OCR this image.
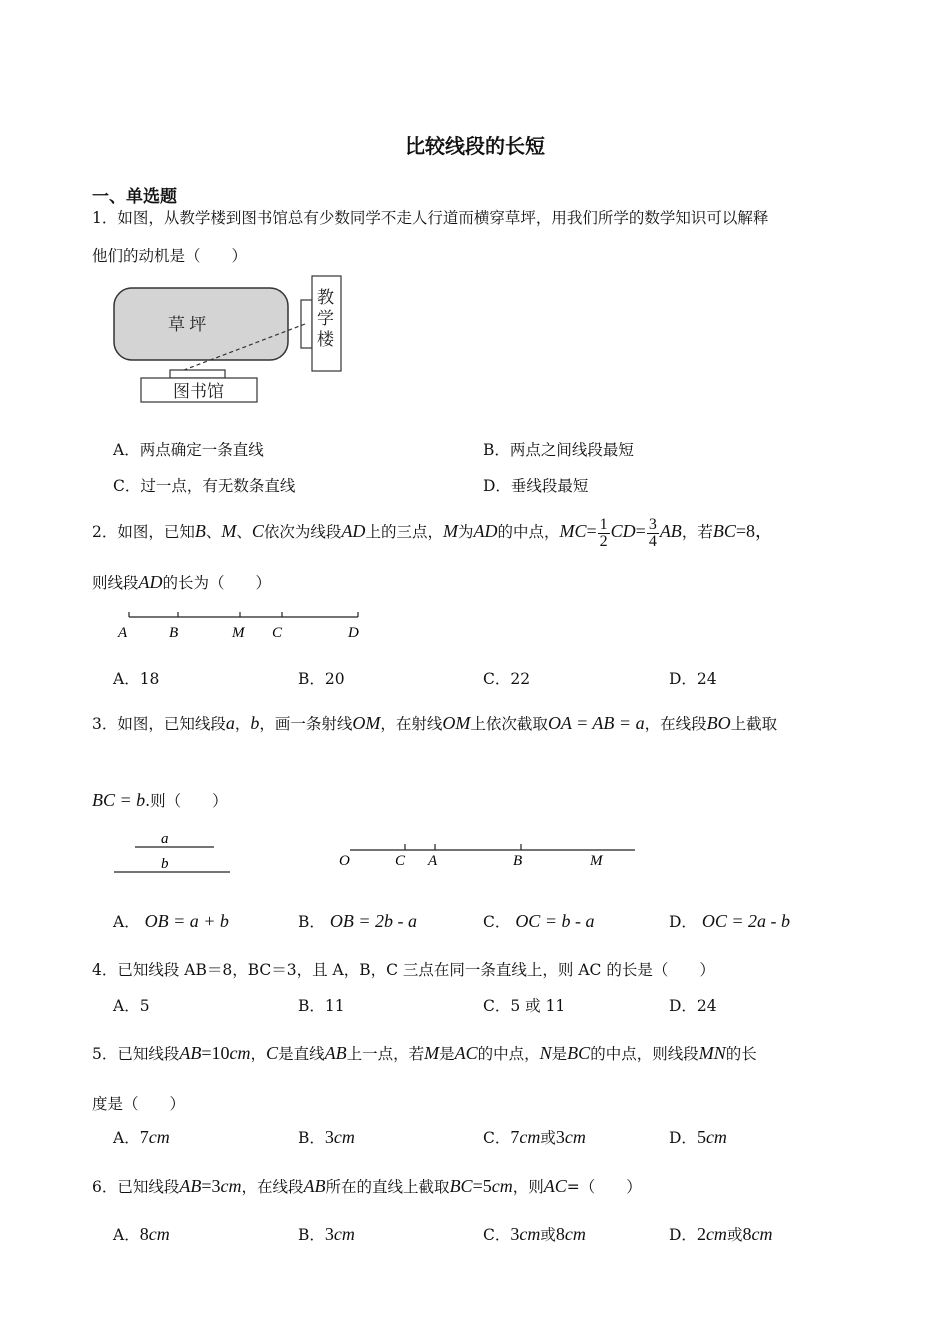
比较线段的长短
一、单选题
1．如图，从教学楼到图书馆总有少数同学不走人行道而横穿草坪，用我们所学的数学知识可以解释
他们的动机是（　　）
草 坪
教
学
楼
图书馆
A．两点确定一条直线	B．两点之间线段最短
C．过一点，有无数条直线	D．垂线段最短
2．如图，已知B、M、C依次为线段AD上的三点，M为AD的中点，$MC= \frac{1}{2} CD= \frac{3}{4}$ AB，若BC=8，
则线段AD的长为（　　）
A	B	M C	D
A．18	B．20	C．22	D．24
3．如图，已知线段a，b，画一条射线OM，在射线OM上依次截取OA = AB = a，在线段BO上截取
BC = b.则（　　）
a
b	O	C A	B	M
A． OB = a + b	B． OB = 2b - a	C． OC = b - a	D． OC = 2a - b
4．已知线段 AB＝8，BC＝3，且 A，B，C 三点在同一条直线上，则 AC 的长是（　　）
A．5	B．11	C．5 或 11	D．24
5．已知线段AB=10cm，C是直线AB上一点，若M是AC的中点，N是BC的中点，则线段MN的长
度是（　　）
A．7cm	B．3cm	C．7cm或3cm	D．5cm
6．已知线段AB=3cm，在线段AB所在的直线上截取BC=5cm，则AC=（　　）
A．8cm	B．3cm	C．3cm或8cm	D．2cm或8cm
